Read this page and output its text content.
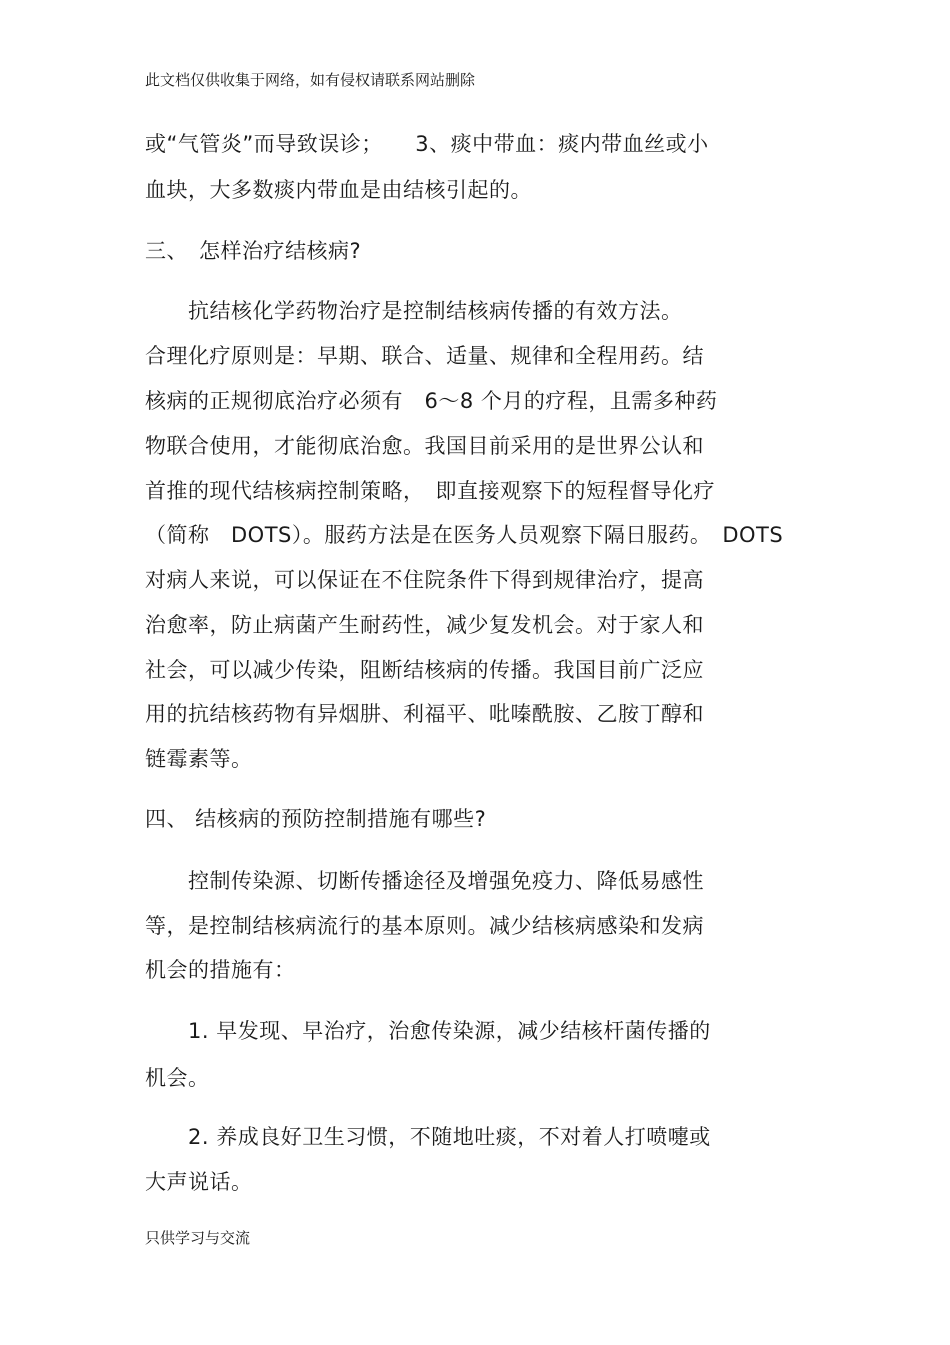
此文档仅供收集于网络，如有侵权请联系网站删除
或“气管炎”而导致误诊；　　3、痰中带血：痰内带血丝或小
血块，大多数痰内带血是由结核引起的。
三、　怎样治疗结核病?
　　抗结核化学药物治疗是控制结核病传播的有效方法。
合理化疗原则是：早期、联合、适量、规律和全程用药。结
核病的正规彻底治疗必须有　6～8 个月的疗程，且需多种药
物联合使用，才能彻底治愈。我国目前采用的是世界公认和
首推的现代结核病控制策略，　即直接观察下的短程督导化疗
（简称　DOTS）。服药方法是在医务人员观察下隔日服药。　DOTS
对病人来说，可以保证在不住院条件下得到规律治疗，提高
治愈率，防止病菌产生耐药性，减少复发机会。对于家人和
社会，可以减少传染，阻断结核病的传播。我国目前广泛应
用的抗结核药物有异烟肼、利福平、吡嗪酰胺、乙胺丁醇和
链霉素等。
四、 结核病的预防控制措施有哪些?
　　控制传染源、切断传播途径及增强免疫力、降低易感性
等，是控制结核病流行的基本原则。减少结核病感染和发病
机会的措施有：
　　1. 早发现、早治疗，治愈传染源，减少结核杆菌传播的
机会。
　　2. 养成良好卫生习惯，不随地吐痰，不对着人打喷嚏或
大声说话。
只供学习与交流
